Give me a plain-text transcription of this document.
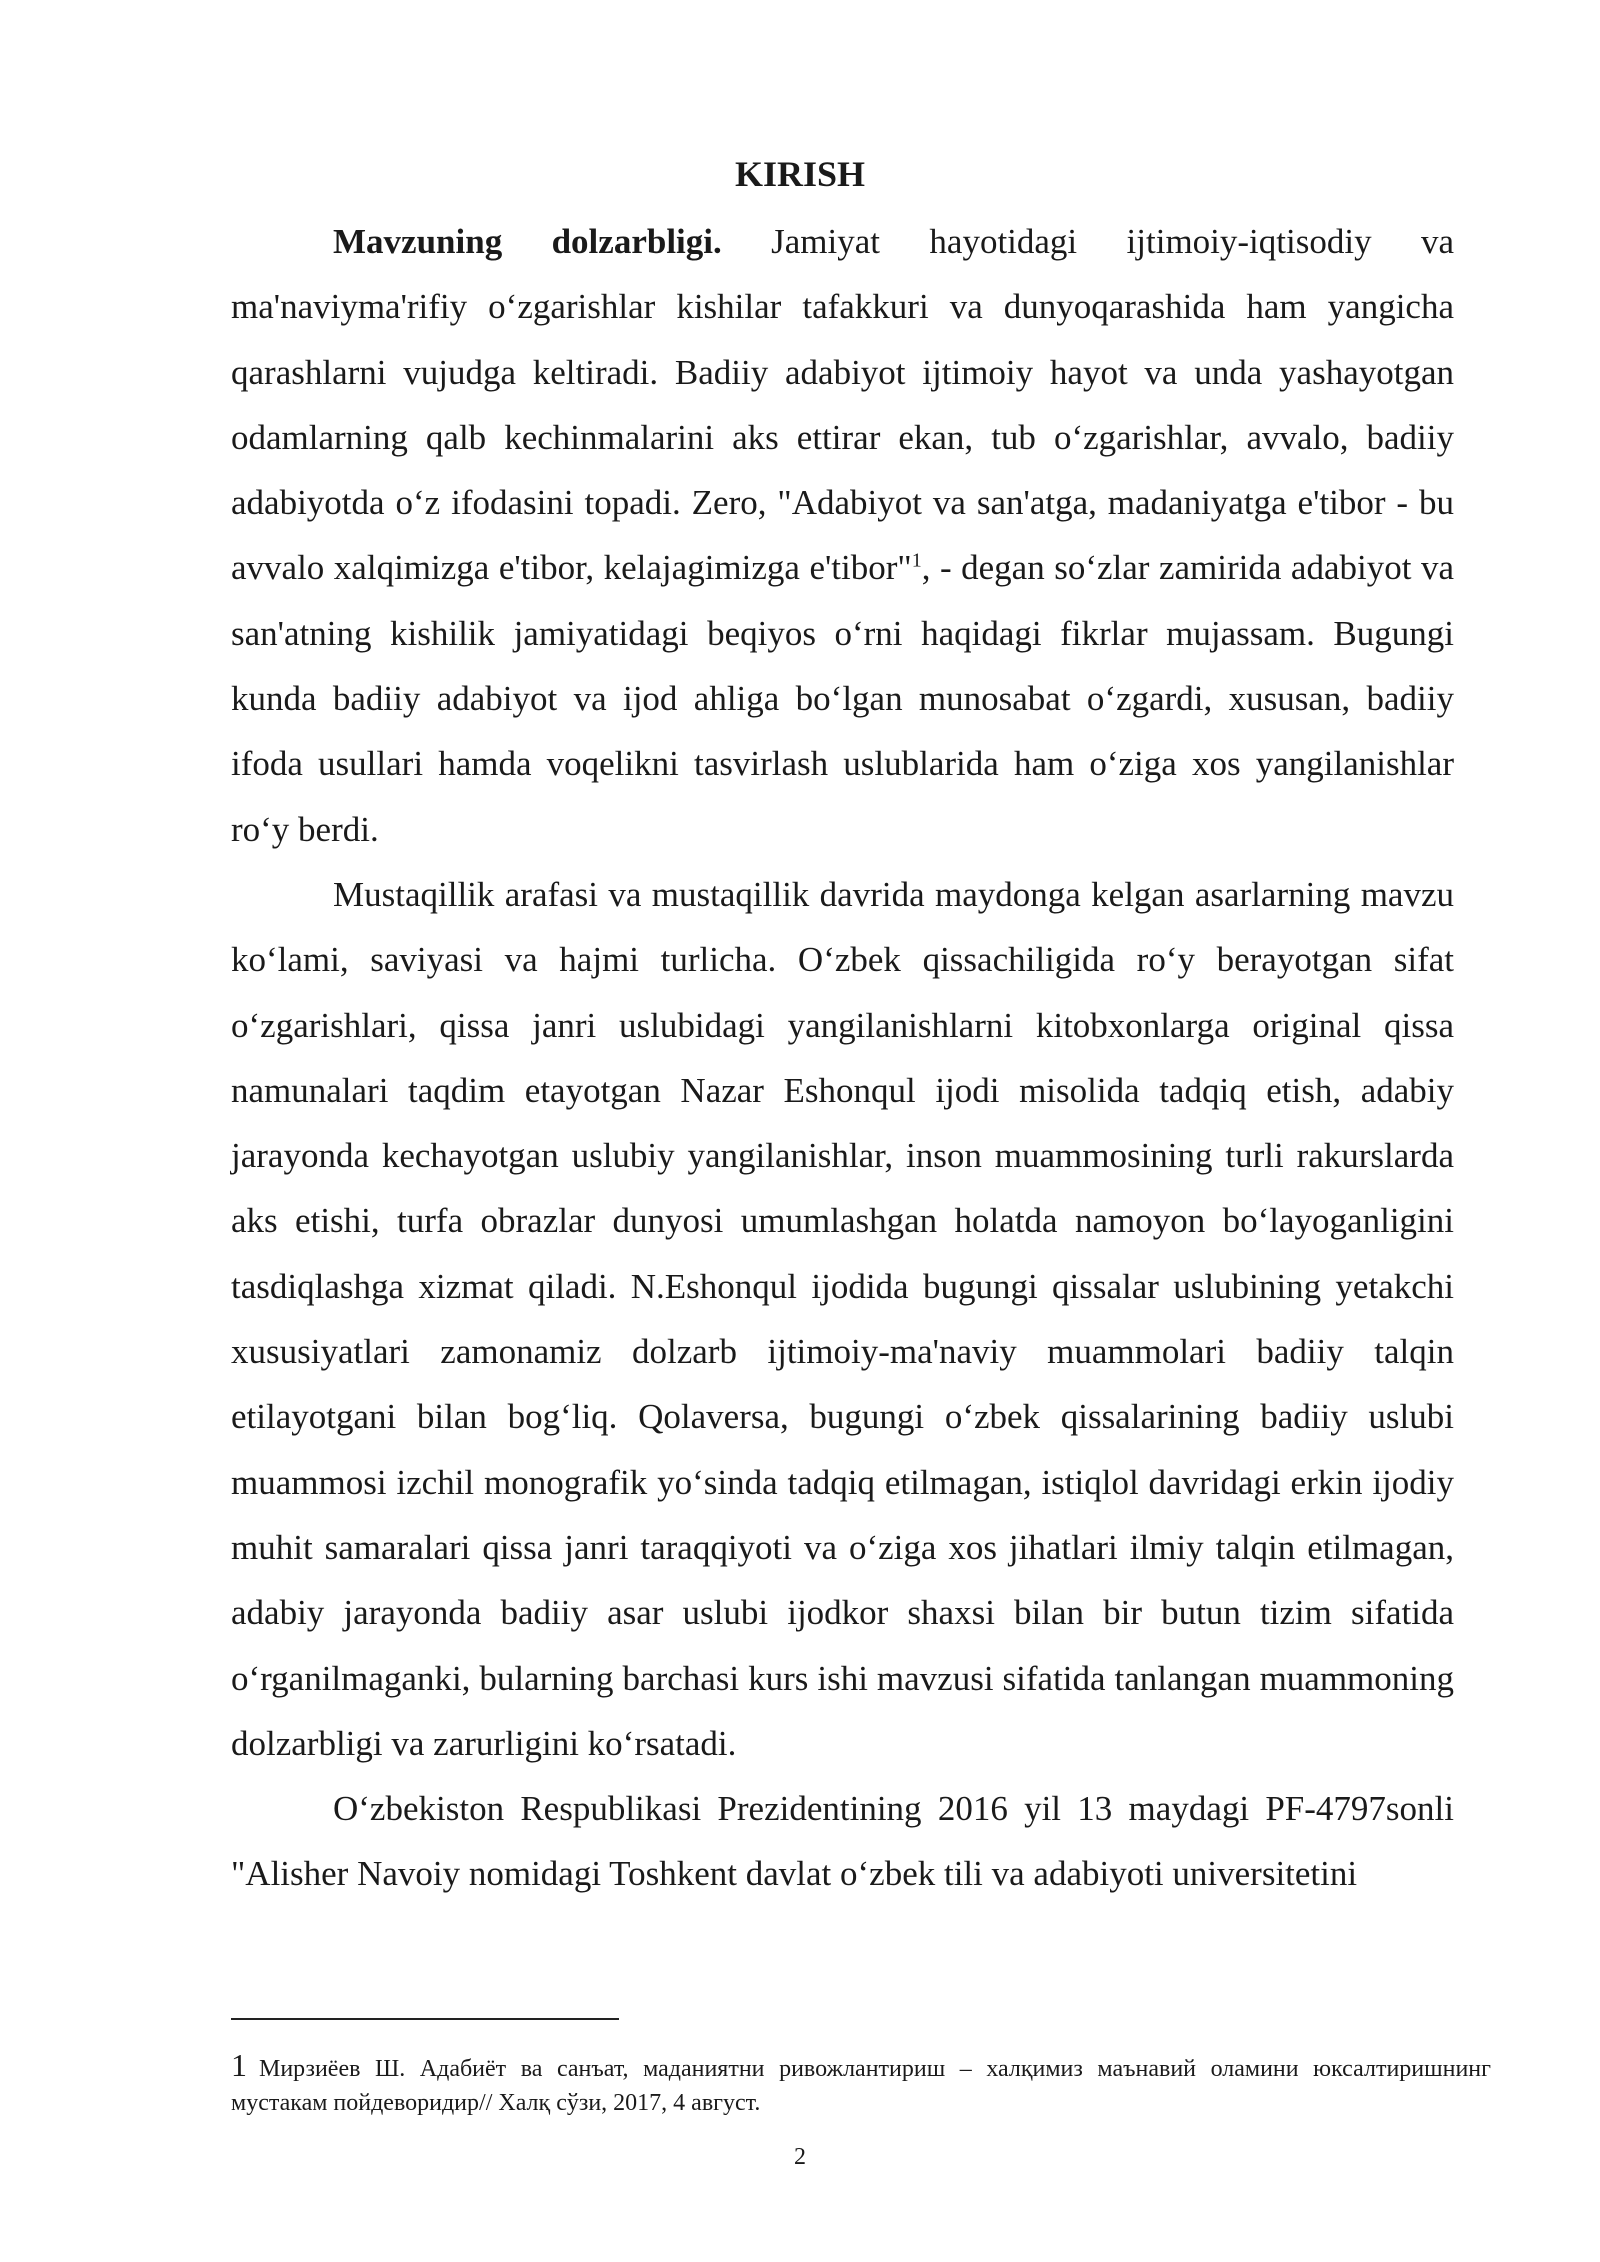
KIRISH

Mavzuning dolzarbligi. Jamiyat hayotidagi ijtimoiy-iqtisodiy va ma'naviyma'rifiy o‘zgarishlar kishilar tafakkuri va dunyoqarashida ham yangicha qarashlarni vujudga keltiradi. Badiiy adabiyot ijtimoiy hayot va unda yashayotgan odamlarning qalb kechinmalarini aks ettirar ekan, tub o‘zgarishlar, avvalo, badiiy adabiyotda o‘z ifodasini topadi. Zero, "Adabiyot va san'atga, madaniyatga e'tibor - bu avvalo xalqimizga e'tibor, kelajagimizga e'tibor"$^1$, - degan so‘zlar zamirida adabiyot va san'atning kishilik jamiyatidagi beqiyos o‘rni haqidagi fikrlar mujassam. Bugungi kunda badiiy adabiyot va ijod ahliga bo‘lgan munosabat o‘zgardi, xususan, badiiy ifoda usullari hamda voqelikni tasvirlash uslublarida ham o‘ziga xos yangilanishlar ro‘y berdi.

Mustaqillik arafasi va mustaqillik davrida maydonga kelgan asarlarning mavzu ko‘lami, saviyasi va hajmi turlicha. O‘zbek qissachiligida ro‘y berayotgan sifat o‘zgarishlari, qissa janri uslubidagi yangilanishlarni kitobxonlarga original qissa namunalari taqdim etayotgan Nazar Eshonqul ijodi misolida tadqiq etish, adabiy jarayonda kechayotgan uslubiy yangilanishlar, inson muammosining turli rakurslarda aks etishi, turfa obrazlar dunyosi umumlashgan holatda namoyon bo‘layoganligini tasdiqlashga xizmat qiladi. N.Eshonqul ijodida bugungi qissalar uslubining yetakchi xususiyatlari zamonamiz dolzarb ijtimoiy-ma'naviy muammolari badiiy talqin etilayotgani bilan bog‘liq. Qolaversa, bugungi o‘zbek qissalarining badiiy uslubi muammosi izchil monografik yo‘sinda tadqiq etilmagan, istiqlol davridagi erkin ijodiy muhit samaralari qissa janri taraqqiyoti va o‘ziga xos jihatlari ilmiy talqin etilmagan, adabiy jarayonda badiiy asar uslubi ijodkor shaxsi bilan bir butun tizim sifatida o‘rganilmaganki, bularning barchasi kurs ishi mavzusi sifatida tanlangan muammoning dolzarbligi va zarurligini ko‘rsatadi.

O‘zbekiston Respublikasi Prezidentining 2016 yil 13 maydagi PF-4797sonli "Alisher Navoiy nomidagi Toshkent davlat o‘zbek tili va adabiyoti universitetini

1 Мирзиёев Ш. Адабиёт ва санъат, маданиятни ривожлантириш – халқимиз маънавий оламини юксалтиришнинг мустакам пойдеворидир// Халқ сўзи, 2017, 4 август.
2
